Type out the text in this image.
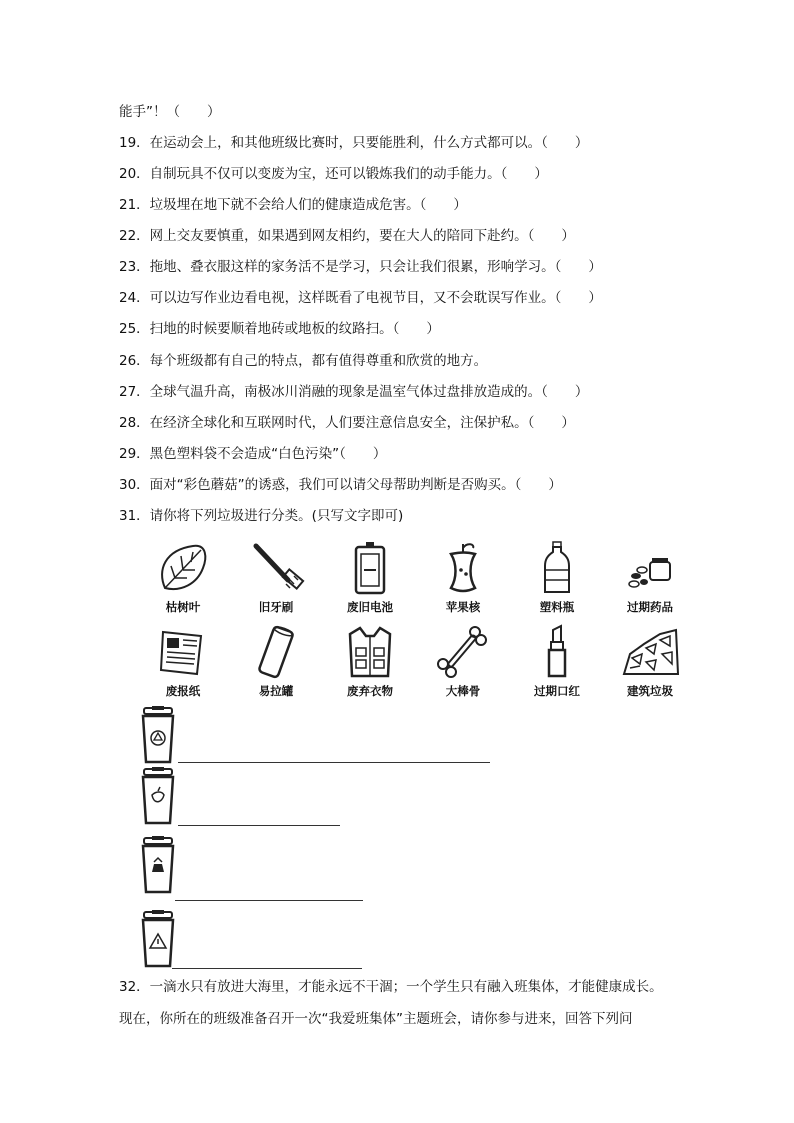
能手”！（　　）
19．在运动会上，和其他班级比赛时，只要能胜利，什么方式都可以。（　　）
20．自制玩具不仅可以变废为宝，还可以锻炼我们的动手能力。（　　）
21．垃圾埋在地下就不会给人们的健康造成危害。（　　）
22．网上交友要慎重，如果遇到网友相约，要在大人的陪同下赴约。（　　）
23．拖地、叠衣服这样的家务活不是学习，只会让我们很累，形响学习。（　　）
24．可以边写作业边看电视，这样既看了电视节目，又不会耽误写作业。（　　）
25．扫地的时候要顺着地砖或地板的纹路扫。（　　）
26．每个班级都有自己的特点，都有值得尊重和欣赏的地方。
27．全球气温升高，南极冰川消融的现象是温室气体过盘排放造成的。（　　）
28．在经济全球化和互联网时代，人们要注意信息安全，注保护私。（　　）
29．黑色塑料袋不会造成“白色污染”（　　）
30．面对“彩色蘑菇”的诱惑，我们可以请父母帮助判断是否购买。（　　）
31．请你将下列垃圾进行分类。(只写文字即可)
枯树叶	旧牙刷	废旧电池	苹果核	塑料瓶	过期药品
废报纸	易拉罐	废弃衣物	大棒骨	过期口红	建筑垃圾
32．一滴水只有放进大海里，才能永远不干涸；一个学生只有融入班集体，才能健康成长。
现在，你所在的班级准备召开一次“我爱班集体”主题班会，请你参与进来，回答下列问
